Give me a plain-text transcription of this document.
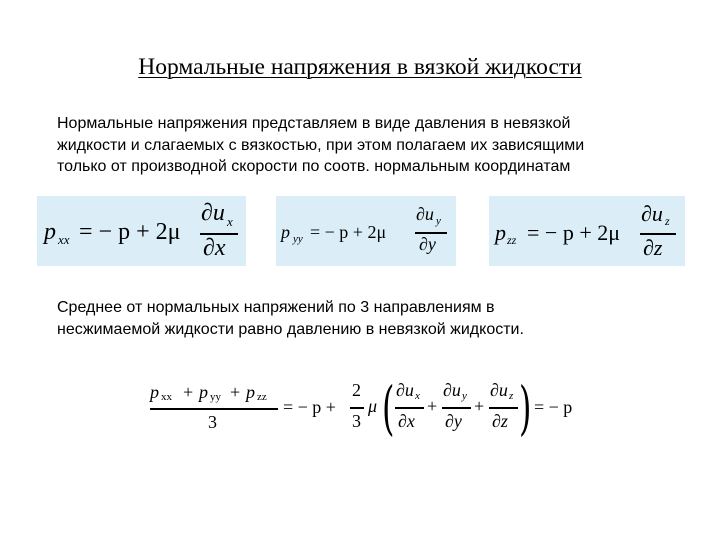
Нормальные напряжения в вязкой жидкости

Нормальные напряжения представляем в виде давления в невязкой
жидкости и слагаемых с вязкостью, при этом полагаем их зависящими
только от производной скорости по соотв. нормальным координатам

p xx = − p + 2μ
∂u x
∂x
p yy = − p + 2μ
∂u y
∂y	p zz = − p + 2μ
∂u z
∂z

Среднее от нормальных напряжений по 3 направлениям в
несжимаемой жидкости равно давлению в невязкой жидкости.

p xx + p yy + p zz
3
= − p +
2
3
μ ( ∂u x
∂x
+
∂u y
∂y
+
∂u z
∂z ) = − p
